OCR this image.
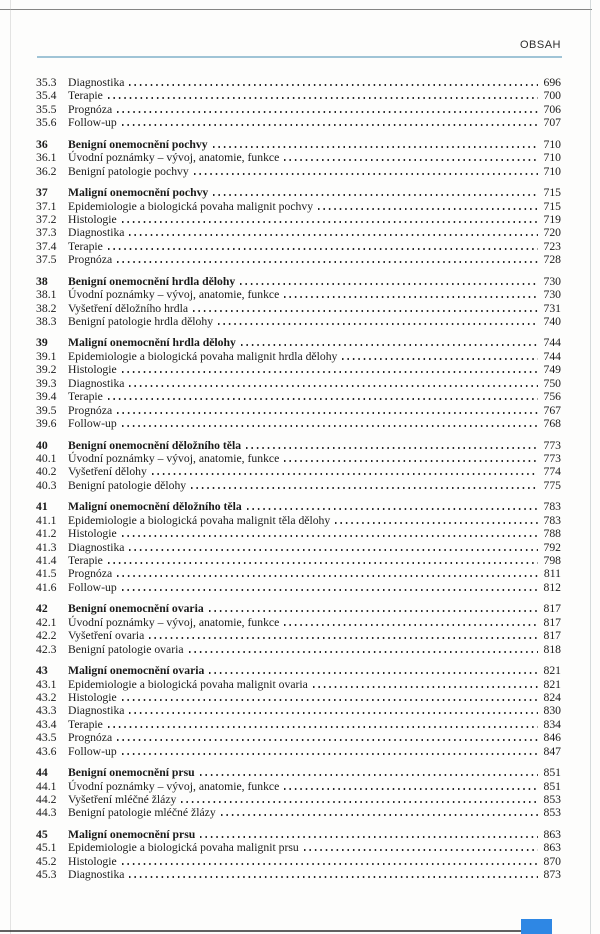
OBSAH
35.3 Diagnostika	696
35.4 Terapie	700
35.5 Prognóza	706
35.6 Follow-up	707
36	Benigní onemocnění pochvy	710
36.1 Úvodní poznámky – vývoj, anatomie, funkce	710
36.2 Benigní patologie pochvy	710
37	Maligní onemocnění pochvy	715
37.1 Epidemiologie a biologická povaha malignit pochvy	715
37.2 Histologie	719
37.3 Diagnostika	720
37.4 Terapie	723
37.5 Prognóza	728
38	Benigní onemocnění hrdla dělohy	730
38.1 Úvodní poznámky – vývoj, anatomie, funkce	730
38.2 Vyšetření děložního hrdla	731
38.3 Benigní patologie hrdla dělohy	740
39	Maligní onemocnění hrdla dělohy	744
39.1 Epidemiologie a biologická povaha malignit hrdla dělohy	744
39.2 Histologie	749
39.3 Diagnostika	750
39.4 Terapie	756
39.5 Prognóza	767
39.6 Follow-up	768
40	Benigní onemocnění děložního těla	773
40.1 Úvodní poznámky – vývoj, anatomie, funkce	773
40.2 Vyšetření dělohy	774
40.3 Benigní patologie dělohy	775
41	Maligní onemocnění děložního těla	783
41.1 Epidemiologie a biologická povaha malignit těla dělohy	783
41.2 Histologie	788
41.3 Diagnostika	792
41.4 Terapie	798
41.5 Prognóza	811
41.6 Follow-up	812
42	Benigní onemocnění ovaria	817
42.1 Úvodní poznámky – vývoj, anatomie, funkce	817
42.2 Vyšetření ovaria	817
42.3 Benigní patologie ovaria	818
43	Maligní onemocnění ovaria	821
43.1 Epidemiologie a biologická povaha malignit ovaria	821
43.2 Histologie	824
43.3 Diagnostika	830
43.4 Terapie	834
43.5 Prognóza	846
43.6 Follow-up	847
44	Benigní onemocnění prsu	851
44.1 Úvodní poznámky – vývoj, anatomie, funkce	851
44.2 Vyšetření mléčné žlázy	853
44.3 Benigní patologie mléčné žlázy	853
45	Maligní onemocnění prsu	863
45.1 Epidemiologie a biologická povaha malignit prsu	863
45.2 Histologie	870
45.3 Diagnostika	873
